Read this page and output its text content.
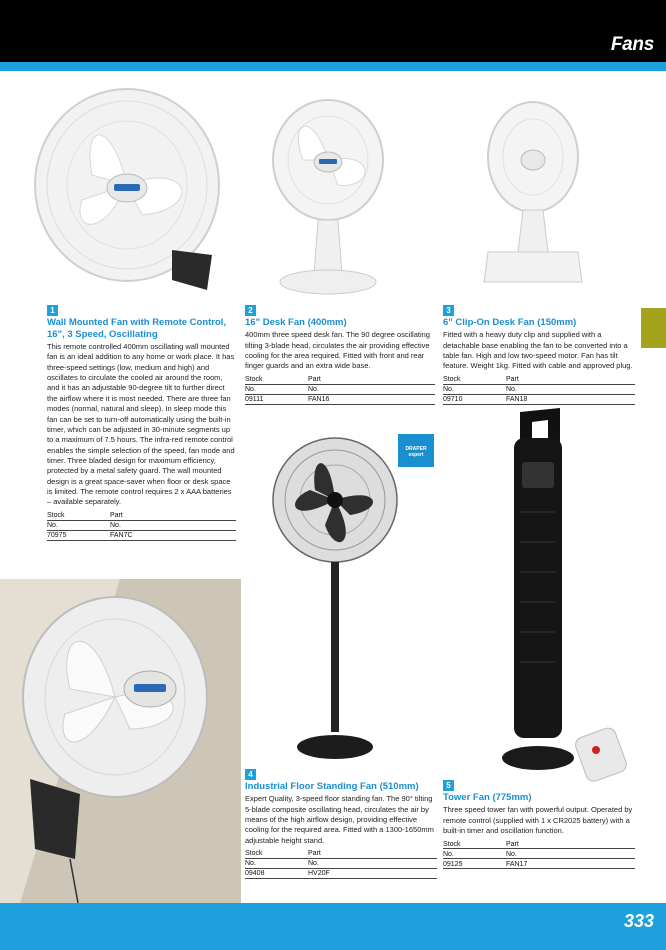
Fans
DRAPER expert
1
Wall Mounted Fan with Remote Control, 16", 3 Speed, Oscillating
This remote controlled 400mm oscillating wall mounted fan is an ideal addition to any home or work place. It has three-speed settings (low, medium and high) and oscillates to circulate the cooled air around the room, and it has an adjustable 90-degree tilt to further direct the airflow where it is most needed. There are three fan modes (normal, natural and sleep). In sleep mode this fan can be set to turn-off automatically using the built-in timer, which can be adjusted in 30-minute segments up to a maximum of 7.5 hours. The infra-red remote control enables the simple selection of the speed, fan mode and timer. Three bladed design for maximum efficiency, protected by a metal safety guard. The wall mounted design is a great space-saver when floor or desk space is limited. The remote control requires 2 x AAA batteries – available separately.
Stock	Part
No.	No.
70975	FAN7C
2
16" Desk Fan (400mm)
400mm three speed desk fan. The 90 degree oscillating tilting 3-blade head, circulates the air providing effective cooling for the area required. Fitted with front and rear finger guards and an extra wide base.
Stock	Part
No.	No.
09111	FAN16
3
6" Clip-On Desk Fan (150mm)
Fitted with a heavy duty clip and supplied with a detachable base enabling the fan to be converted into a table fan. High and low two-speed motor. Fan has tilt feature. Weight 1kg. Fitted with cable and approved plug.
Stock	Part
No.	No.
09710	FAN18
4
Industrial Floor Standing Fan (510mm)
Expert Quality, 3-speed floor standing fan. The 90° tilting 5-blade composite oscillating head, circulates the air by means of the high airflow design, providing effective cooling for the required area. Fitted with a 1300-1650mm adjustable height stand.
Stock	Part
No.	No.
09408	HV20F
5
Tower Fan (775mm)
Three speed tower fan with powerful output. Operated by remote control (supplied with 1 x CR2025 battery) with a built-in timer and oscillation function.
Stock	Part
No.	No.
09125	FAN17
333
